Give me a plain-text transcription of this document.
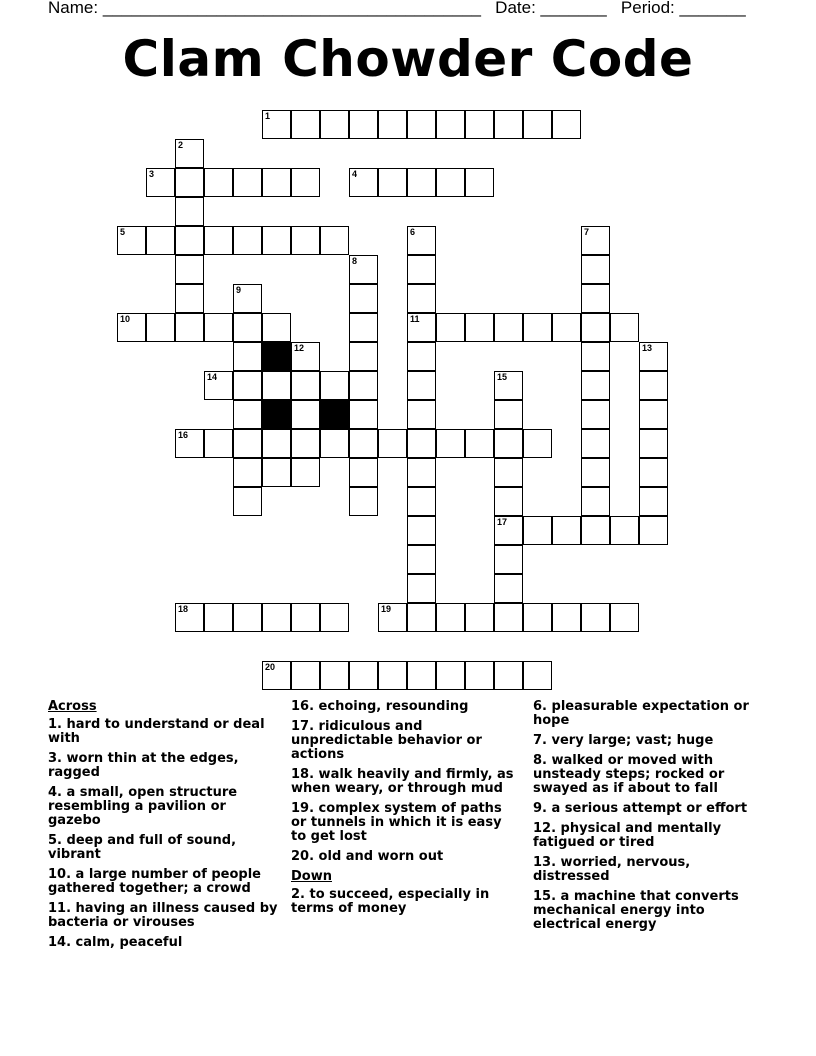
Name: ________________________________________ Date: _______ Period: _______
Clam Chowder Code
1
2
3	4
5	6
11
7
8
9
10
12	13
14	15
17
16
18	19
20
Across
1. hard to understand or deal with
3. worn thin at the edges, ragged
4. a small, open structure resembling a pavilion or gazebo
5. deep and full of sound, vibrant
10. a large number of people gathered together; a crowd
11. having an illness caused by bacteria or virouses
14. calm, peaceful
16. echoing, resounding
17. ridiculous and unpredictable behavior or actions
18. walk heavily and firmly, as when weary, or through mud
19. complex system of paths or tunnels in which it is easy to get lost
20. old and worn out
Down
2. to succeed, especially in terms of money
6. pleasurable expectation or hope
7. very large; vast; huge
8. walked or moved with unsteady steps; rocked or swayed as if about to fall
9. a serious attempt or effort
12. physical and mentally fatigued or tired
13. worried, nervous, distressed
15. a machine that converts mechanical energy into electrical energy
